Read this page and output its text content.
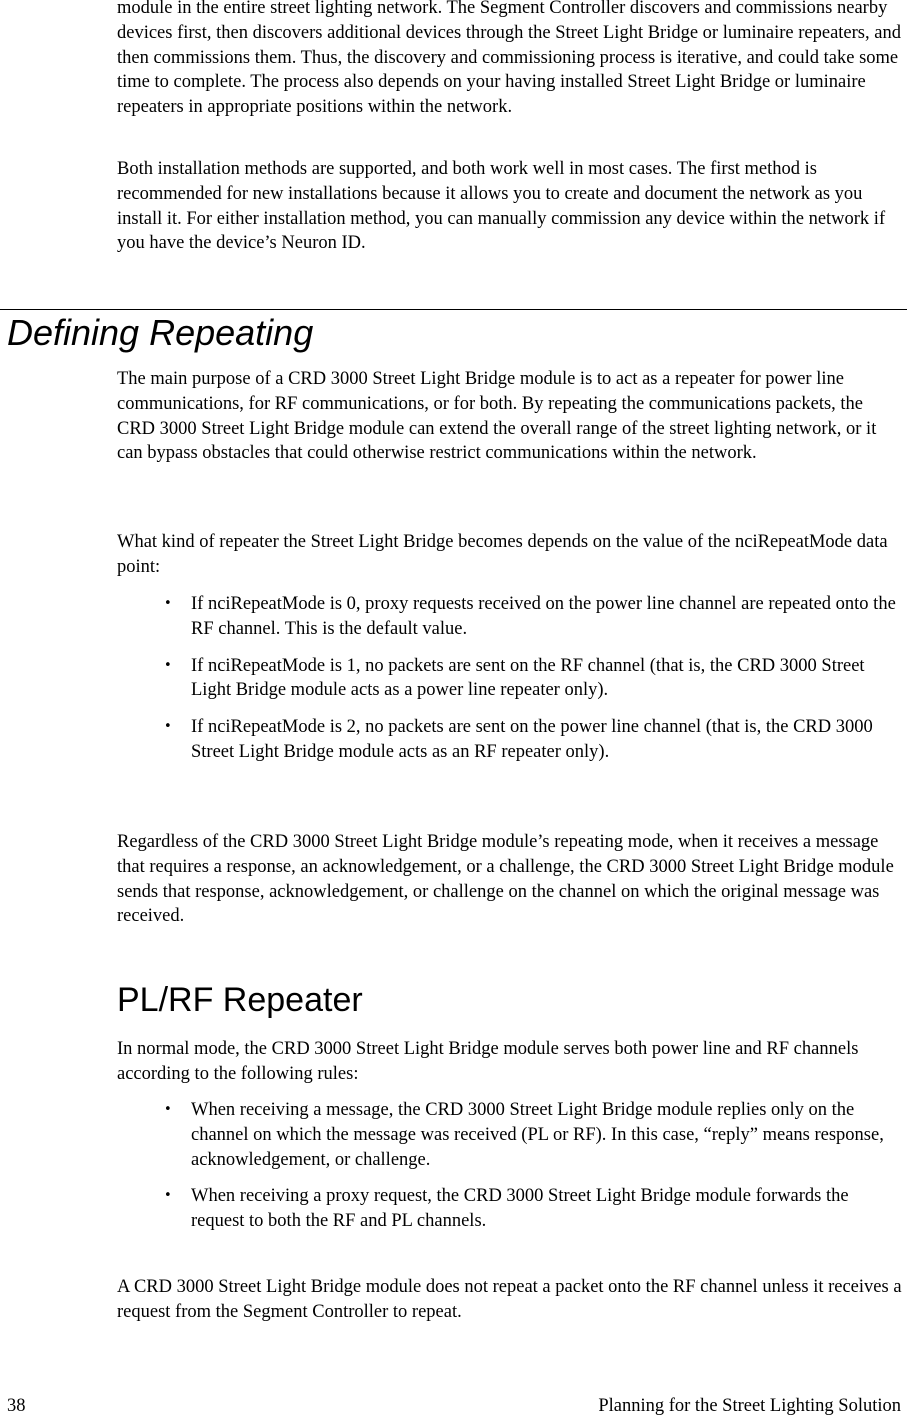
module in the entire street lighting network. The Segment Controller discovers and commissions nearby devices first, then discovers additional devices through the Street Light Bridge or luminaire repeaters, and then commissions them. Thus, the discovery and commissioning process is iterative, and could take some time to complete. The process also depends on your having installed Street Light Bridge or luminaire repeaters in appropriate positions within the network.

Both installation methods are supported, and both work well in most cases. The first method is recommended for new installations because it allows you to create and document the network as you install it. For either installation method, you can manually commission any device within the network if you have the device’s Neuron ID.

Defining Repeating

The main purpose of a CRD 3000 Street Light Bridge module is to act as a repeater for power line communications, for RF communications, or for both. By repeating the communications packets, the CRD 3000 Street Light Bridge module can extend the overall range of the street lighting network, or it can bypass obstacles that could otherwise restrict communications within the network.

What kind of repeater the Street Light Bridge becomes depends on the value of the nciRepeatMode data point:

• If nciRepeatMode is 0, proxy requests received on the power line channel are repeated onto the RF channel. This is the default value.
• If nciRepeatMode is 1, no packets are sent on the RF channel (that is, the CRD 3000 Street Light Bridge module acts as a power line repeater only).
• If nciRepeatMode is 2, no packets are sent on the power line channel (that is, the CRD 3000 Street Light Bridge module acts as an RF repeater only).

Regardless of the CRD 3000 Street Light Bridge module’s repeating mode, when it receives a message that requires a response, an acknowledgement, or a challenge, the CRD 3000 Street Light Bridge module sends that response, acknowledgement, or challenge on the channel on which the original message was received.

PL/RF Repeater

In normal mode, the CRD 3000 Street Light Bridge module serves both power line and RF channels according to the following rules:

• When receiving a message, the CRD 3000 Street Light Bridge module replies only on the channel on which the message was received (PL or RF). In this case, “reply” means response, acknowledgement, or challenge.
• When receiving a proxy request, the CRD 3000 Street Light Bridge module forwards the request to both the RF and PL channels.

A CRD 3000 Street Light Bridge module does not repeat a packet onto the RF channel unless it receives a request from the Segment Controller to repeat.

38	Planning for the Street Lighting Solution
